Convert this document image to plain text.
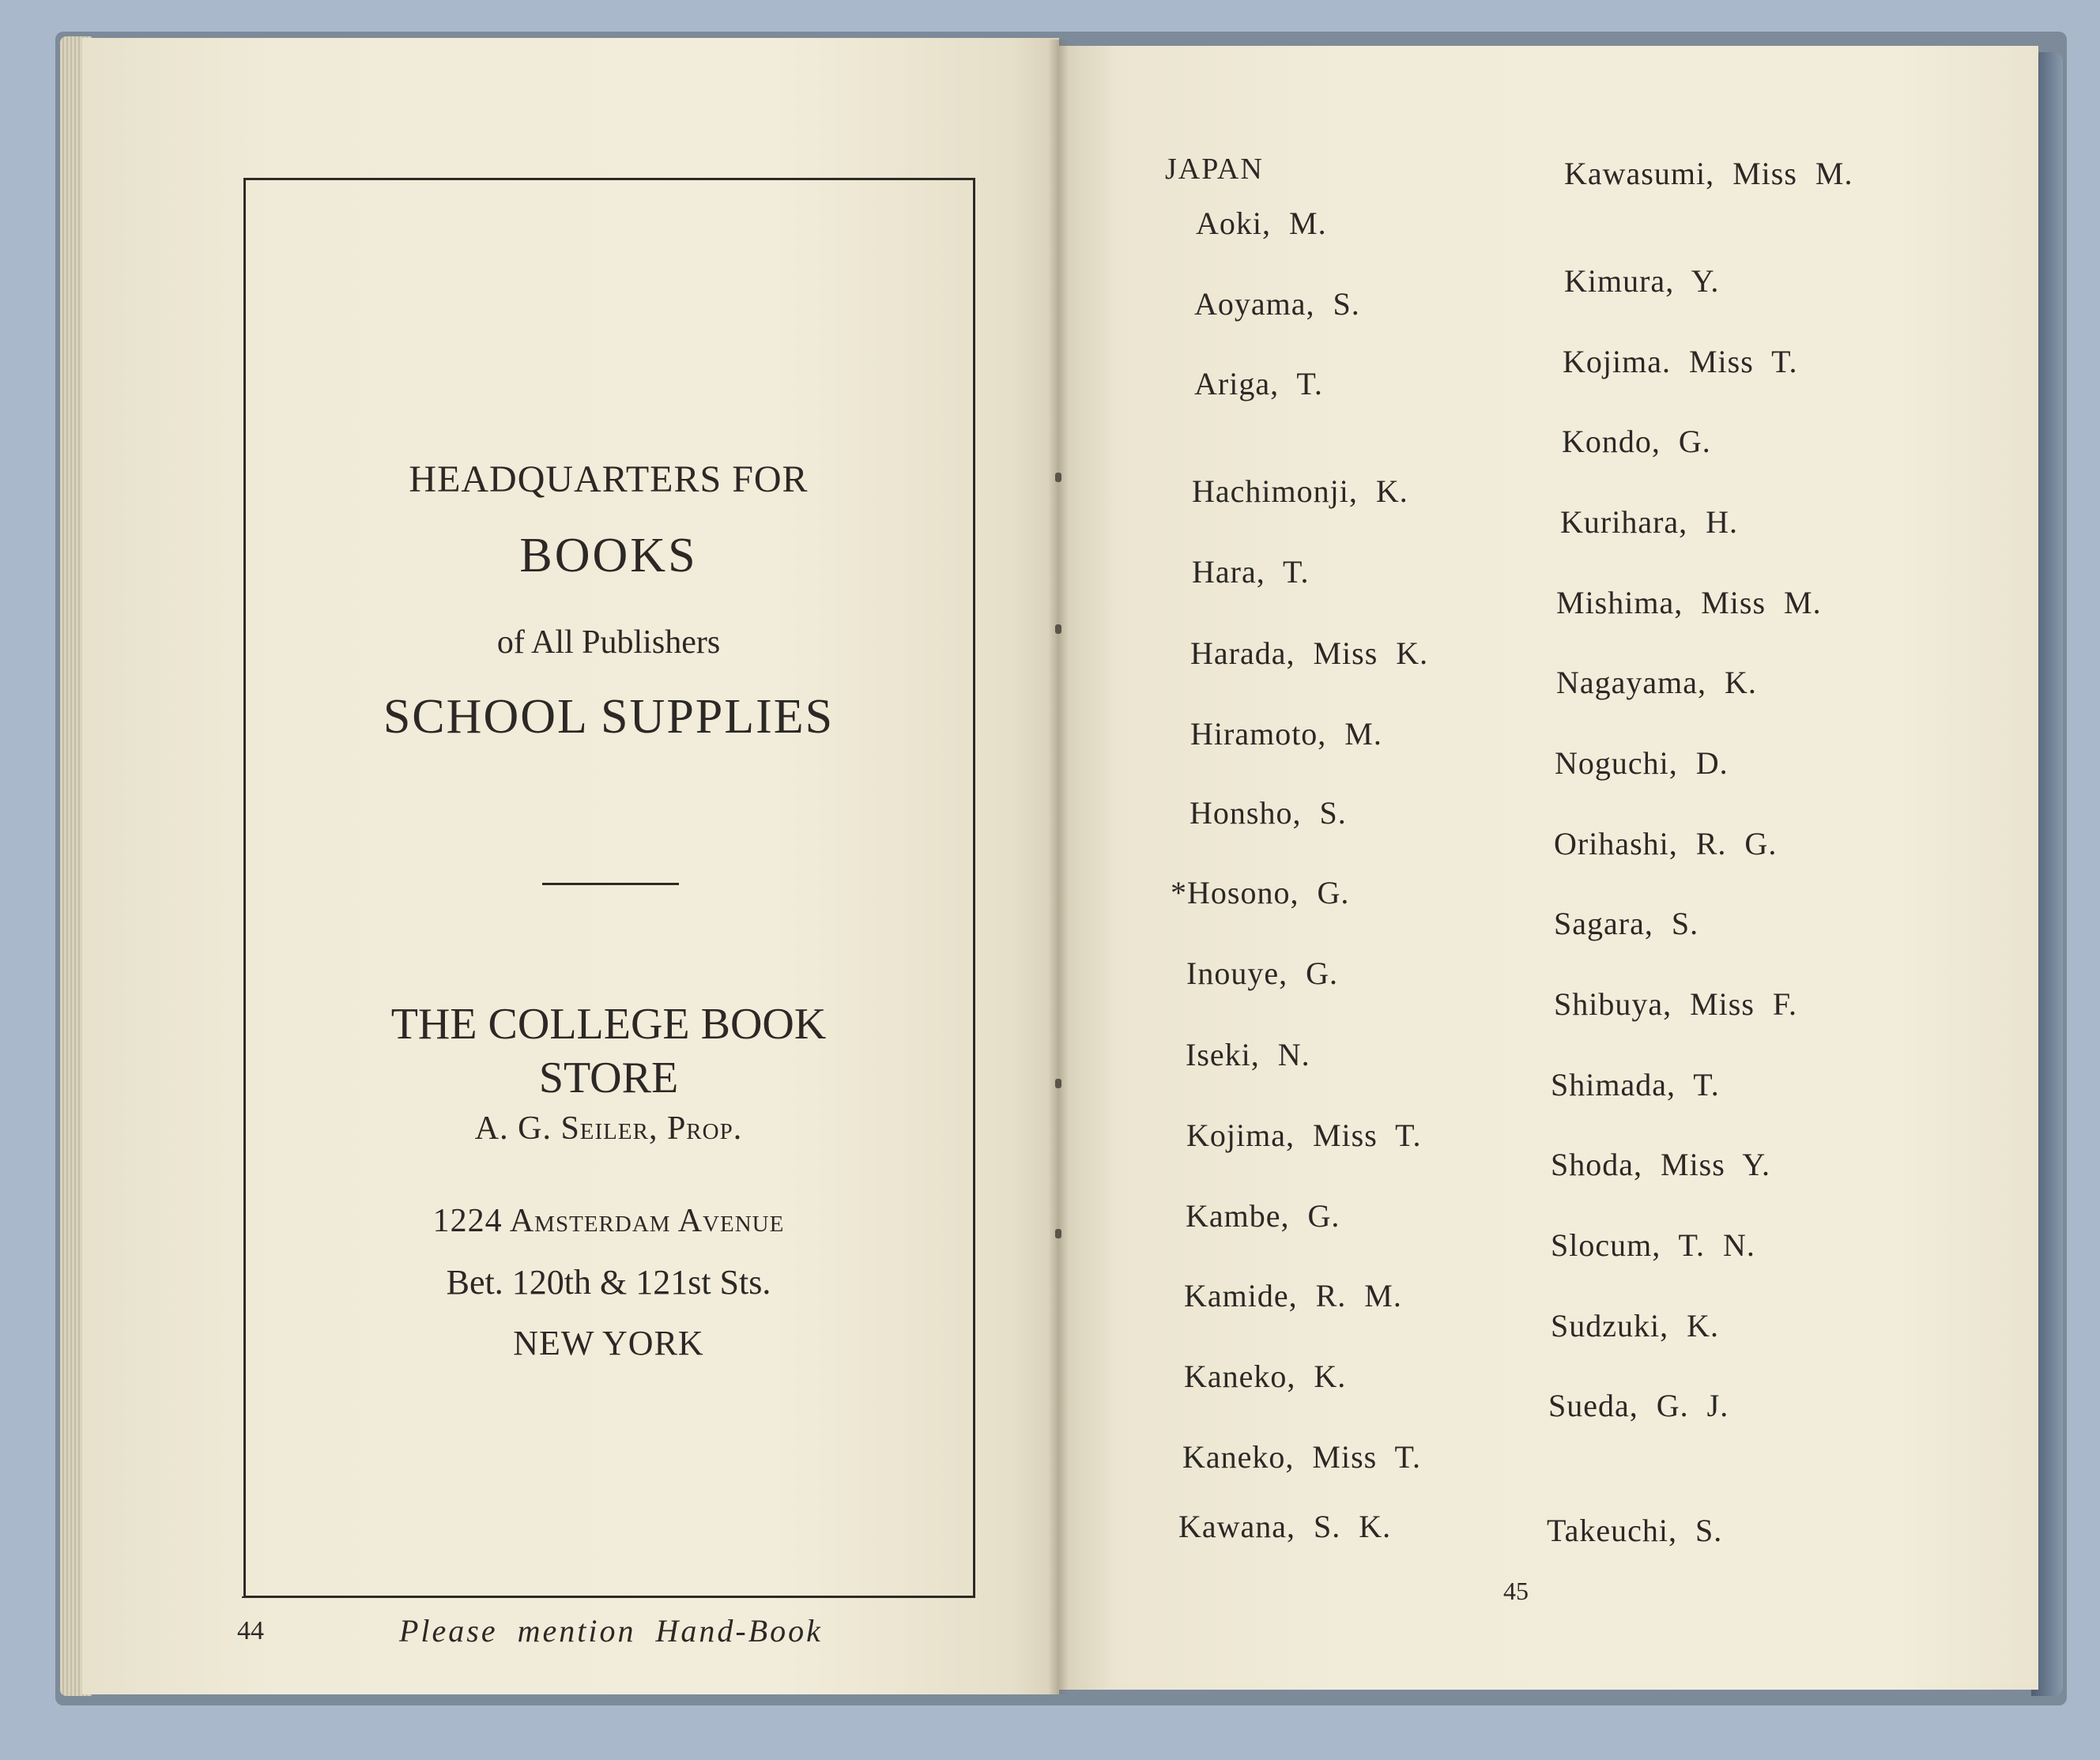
HEADQUARTERS FOR
BOOKS
of All Publishers
SCHOOL SUPPLIES
THE COLLEGE BOOK
STORE
A. G. Seiler, Prop.
1224 Amsterdam Avenue
Bet. 120th & 121st Sts.
NEW YORK
44	Please mention Hand-Book
JAPAN
Aoki, M.
Aoyama, S.
Ariga, T.
Hachimonji, K.
Hara, T.
Harada, Miss K.
Hiramoto, M.
Honsho, S.
*Hosono, G.
Inouye, G.
Iseki, N.
Kojima, Miss T.
Kambe, G.
Kamide, R. M.
Kaneko, K.
Kaneko, Miss T.
Kawana, S. K.
Kawasumi, Miss M.
Kimura, Y.
Kojima. Miss T.
Kondo, G.
Kurihara, H.
Mishima, Miss M.
Nagayama, K.
Noguchi, D.
Orihashi, R. G.
Sagara, S.
Shibuya, Miss F.
Shimada, T.
Shoda, Miss Y.
Slocum, T. N.
Sudzuki, K.
Sueda, G. J.
Takeuchi, S.
45
